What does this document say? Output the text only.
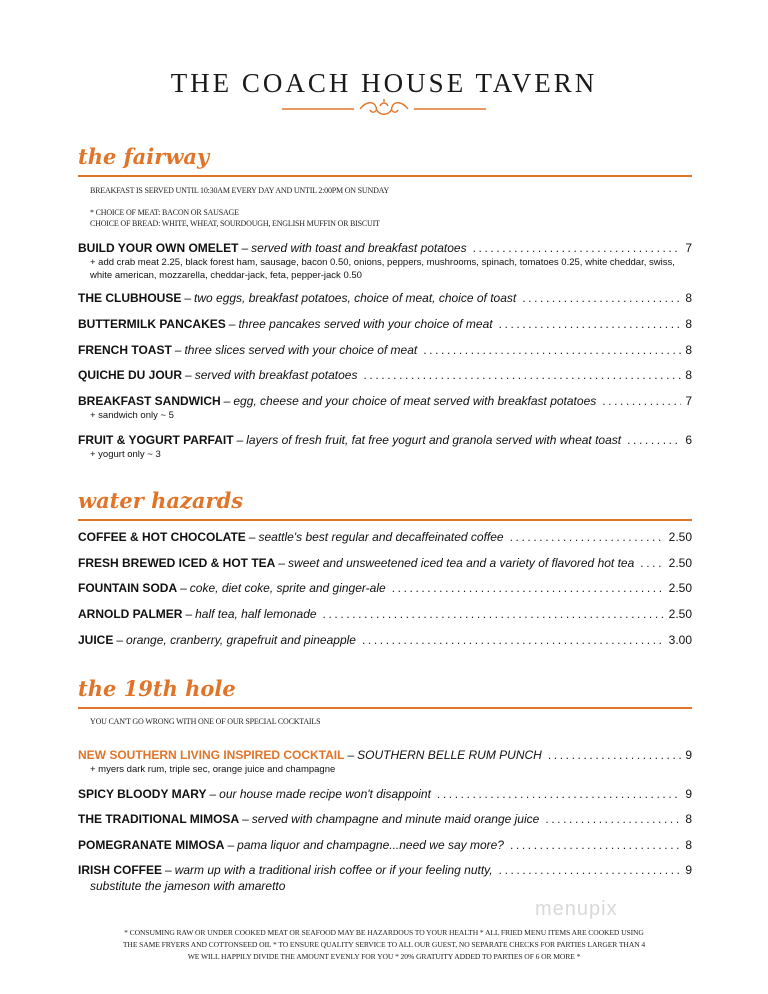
THE COACH HOUSE TAVERN
the fairway
BREAKFAST IS SERVED UNTIL 10:30AM EVERY DAY AND UNTIL 2:00PM ON SUNDAY
* CHOICE OF MEAT: BACON OR SAUSAGE
CHOICE OF BREAD: WHITE, WHEAT, SOURDOUGH, ENGLISH MUFFIN OR BISCUIT
BUILD YOUR OWN OMELET – served with toast and breakfast potatoes .....	7
+ add crab meat 2.25, black forest ham, sausage, bacon 0.50, onions, peppers, mushrooms, spinach, tomatoes 0.25, white cheddar, swiss,
white american, mozzarella, cheddar-jack, feta, pepper-jack 0.50
THE CLUBHOUSE – two eggs, breakfast potatoes, choice of meat, choice of toast .....	8
BUTTERMILK PANCAKES – three pancakes served with your choice of meat .....	8
FRENCH TOAST – three slices served with your choice of meat .....	8
QUICHE DU JOUR – served with breakfast potatoes .....	8
BREAKFAST SANDWICH – egg, cheese and your choice of meat served with breakfast potatoes .....	7
+ sandwich only ~ 5
FRUIT & YOGURT PARFAIT – layers of fresh fruit, fat free yogurt and granola served with wheat toast .....	6
+ yogurt only ~ 3
water hazards
COFFEE & HOT CHOCOLATE – seattle's best regular and decaffeinated coffee .....	2.50
FRESH BREWED ICED & HOT TEA – sweet and unsweetened iced tea and a variety of flavored hot tea .....	2.50
FOUNTAIN SODA – coke, diet coke, sprite and ginger-ale .....	2.50
ARNOLD PALMER – half tea, half lemonade .....	2.50
JUICE – orange, cranberry, grapefruit and pineapple .....	3.00
the 19th hole
YOU CAN'T GO WRONG WITH ONE OF OUR SPECIAL COCKTAILS
NEW SOUTHERN LIVING INSPIRED COCKTAIL – SOUTHERN BELLE RUM PUNCH .....	9
+ myers dark rum, triple sec, orange juice and champagne
SPICY BLOODY MARY – our house made recipe won't disappoint .....	9
THE TRADITIONAL MIMOSA – served with champagne and minute maid orange juice .....	8
POMEGRANATE MIMOSA – pama liquor and champagne...need we say more? .....	8
IRISH COFFEE – warm up with a traditional irish coffee or if your feeling nutty, .....	9
substitute the jameson with amaretto
menupix
* CONSUMING RAW OR UNDER COOKED MEAT OR SEAFOOD MAY BE HAZARDOUS TO YOUR HEALTH * ALL FRIED MENU ITEMS ARE COOKED USING
THE SAME FRYERS AND COTTONSEED OIL * TO ENSURE QUALITY SERVICE TO ALL OUR GUEST, NO SEPARATE CHECKS FOR PARTIES LARGER THAN 4
WE WILL HAPPILY DIVIDE THE AMOUNT EVENLY FOR YOU * 20% GRATUITY ADDED TO PARTIES OF 6 OR MORE *
